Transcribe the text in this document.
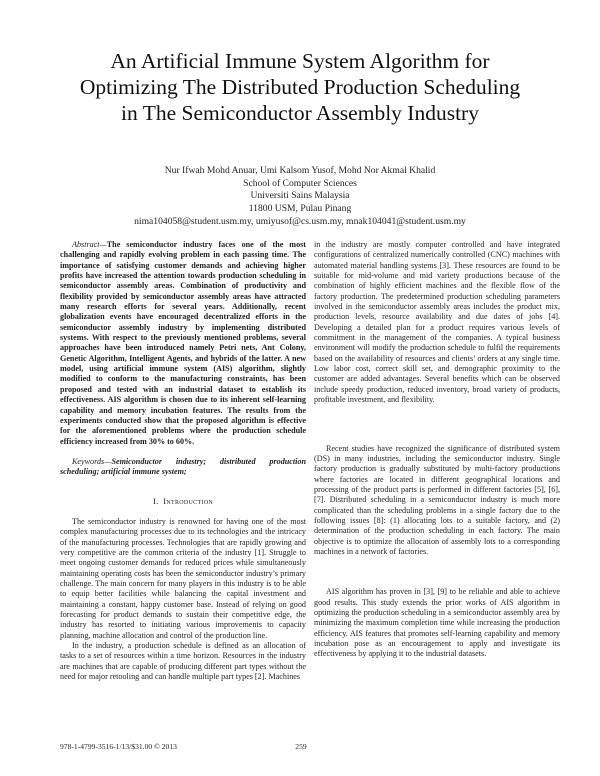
An Artificial Immune System Algorithm for
Optimizing The Distributed Production Scheduling
in The Semiconductor Assembly Industry
Nur Ifwah Mohd Anuar, Umi Kalsom Yusof, Mohd Nor Akmal Khalid
School of Computer Sciences
Universiti Sains Malaysia
11800 USM, Pulau Pinang
nima104058@student.usm.my, umiyusof@cs.usm.my, mnak104041@student.usm.my

Abstract—The semiconductor industry faces one of the most challenging and rapidly evolving problem in each passing time. The importance of satisfying customer demands and achieving higher profits have increased the attention towards production scheduling in semiconductor assembly areas. Combination of productivity and flexibility provided by semiconductor assembly areas have attracted many research efforts for several years. Additionally, recent globalization events have encouraged decentralized efforts in the semiconductor assembly industry by implementing distributed systems. With respect to the previously mentioned problems, several approaches have been introduced namely Petri nets, Ant Colony, Genetic Algorithm, Intelligent Agents, and hybrids of the latter. A new model, using artificial immune system (AIS) algorithm, slightly modified to conform to the manufacturing constraints, has been proposed and tested with an industrial dataset to establish its effectiveness. AIS algorithm is chosen due to its inherent self-learning capability and memory incubation features. The results from the experiments conducted show that the proposed algorithm is effective for the aforementioned problems where the production schedule efficiency increased from 30% to 60%.

Keywords—Semiconductor industry; distributed production scheduling; artificial immune system;

I. Introduction

The semiconductor industry is renowned for having one of the most complex manufacturing processes due to its technologies and the intricacy of the manufacturing processes. Technologies that are rapidly growing and very competitive are the common criteria of the industry [1]. Struggle to meet ongoing customer demands for reduced prices while simultaneously maintaining operating costs has been the semiconductor industry’s primary challenge. The main concern for many players in this industry is to be able to equip better facilities while balancing the capital investment and maintaining a constant, happy customer base. Instead of relying on good forecasting for product demands to sustain their competitive edge, the industry has resorted to initiating various improvements to capacity planning, machine allocation and control of the production line.

In the industry, a production schedule is defined as an allocation of tasks to a set of resources within a time horizon. Resources in the industry are machines that are capable of producing different part types without the need for major retooling and can handle multiple part types [2]. Machines

in the industry are mostly computer controlled and have integrated configurations of centralized numerically controlled (CNC) machines with automated material handling systems [3]. These resources are found to be suitable for mid-volume and mid variety productions because of the combination of highly efficient machines and the flexible flow of the factory production. The predetermined production scheduling parameters involved in the semiconductor assembly areas includes the product mix, production levels, resource availability and due dates of jobs [4]. Developing a detailed plan for a product requires various levels of commitment in the management of the companies. A typical business environment will modify the production schedule to fulfil the requirements based on the availability of resources and clients’ orders at any single time. Low labor cost, correct skill set, and demographic proximity to the customer are added advantages. Several benefits which can be observed include speedy production, reduced inventory, broad variety of products, profitable investment, and flexibility.

Recent studies have recognized the significance of distributed system (DS) in many industries, including the semiconductor industry. Single factory production is gradually substituted by multi-factory productions where factories are located in different geographical locations and processing of the product parts is performed in different factories [5], [6], [7]. Distributed scheduling in a semiconductor industry is much more complicated than the scheduling problems in a single factory due to the following issues [8]: (1) allocating lots to a suitable factory, and (2) determination of the production scheduling in each factory. The main objective is to optimize the allocation of assembly lots to a corresponding machines in a network of factories.

AIS algorithm has proven in [3], [9] to be reliable and able to achieve good results. This study extends the prior works of AIS algorithm in optimizing the production scheduling in a semiconductor assembly area by minimizing the maximum completion time while increasing the production efficiency. AIS features that promotes self-learning capability and memory incubation pose as an encouragement to apply and investigate its effectiveness by applying it to the industrial datasets.

978-1-4799-3516-1/13/$31.00 © 2013	259
